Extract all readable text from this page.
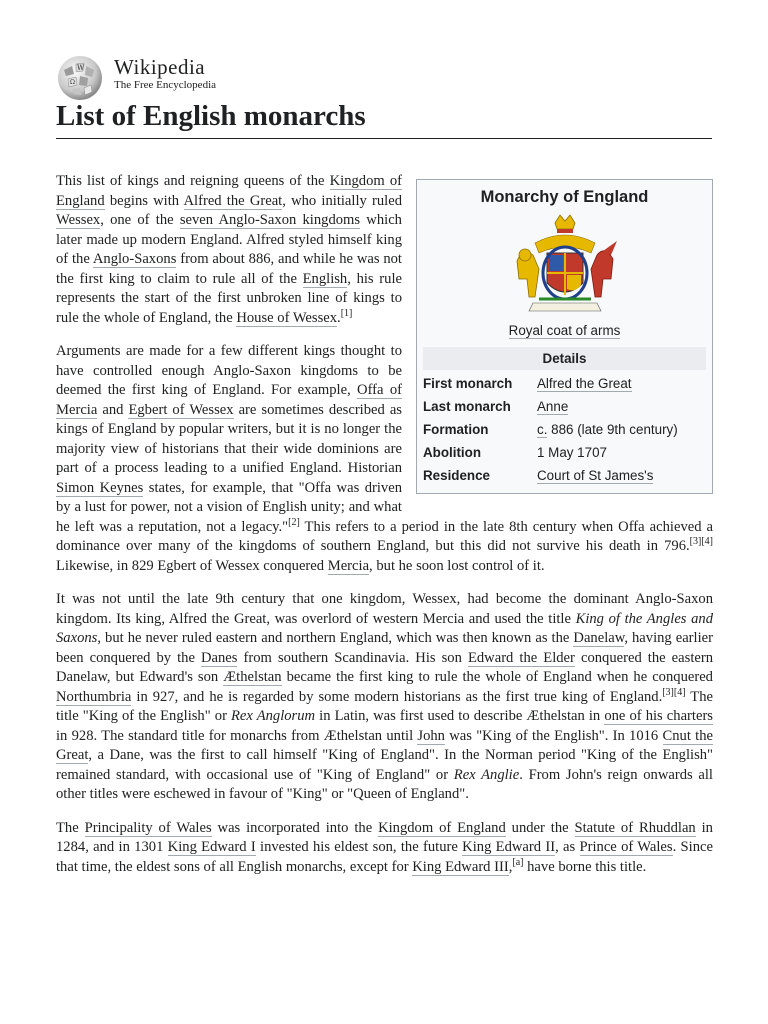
W
Ω
Wikipedia
The Free Encyclopedia
List of English monarchs
Monarchy of England
Royal coat of arms
Details
First monarch	Alfred the Great
Last monarch	Anne
Formation	c. 886 (late 9th century)
Abolition	1 May 1707
Residence	Court of St James's

This list of kings and reigning queens of the Kingdom of England begins with Alfred the Great, who initially ruled Wessex, one of the seven Anglo-Saxon kingdoms which later made up modern England. Alfred styled himself king of the Anglo-Saxons from about 886, and while he was not the first king to claim to rule all of the English, his rule represents the start of the first unbroken line of kings to rule the whole of England, the House of Wessex.[1]

Arguments are made for a few different kings thought to have controlled enough Anglo-Saxon kingdoms to be deemed the first king of England. For example, Offa of Mercia and Egbert of Wessex are sometimes described as kings of England by popular writers, but it is no longer the majority view of historians that their wide dominions are part of a process leading to a unified England. Historian Simon Keynes states, for example, that "Offa was driven by a lust for power, not a vision of English unity; and what he left was a reputation, not a legacy."[2] This refers to a period in the late 8th century when Offa achieved a dominance over many of the kingdoms of southern England, but this did not survive his death in 796.[3][4] Likewise, in 829 Egbert of Wessex conquered Mercia, but he soon lost control of it.

It was not until the late 9th century that one kingdom, Wessex, had become the dominant Anglo-Saxon kingdom. Its king, Alfred the Great, was overlord of western Mercia and used the title King of the Angles and Saxons, but he never ruled eastern and northern England, which was then known as the Danelaw, having earlier been conquered by the Danes from southern Scandinavia. His son Edward the Elder conquered the eastern Danelaw, but Edward's son Æthelstan became the first king to rule the whole of England when he conquered Northumbria in 927, and he is regarded by some modern historians as the first true king of England.[3][4] The title "King of the English" or Rex Anglorum in Latin, was first used to describe Æthelstan in one of his charters in 928. The standard title for monarchs from Æthelstan until John was "King of the English". In 1016 Cnut the Great, a Dane, was the first to call himself "King of England". In the Norman period "King of the English" remained standard, with occasional use of "King of England" or Rex Anglie. From John's reign onwards all other titles were eschewed in favour of "King" or "Queen of England".

The Principality of Wales was incorporated into the Kingdom of England under the Statute of Rhuddlan in 1284, and in 1301 King Edward I invested his eldest son, the future King Edward II, as Prince of Wales. Since that time, the eldest sons of all English monarchs, except for King Edward III,[a] have borne this title.
